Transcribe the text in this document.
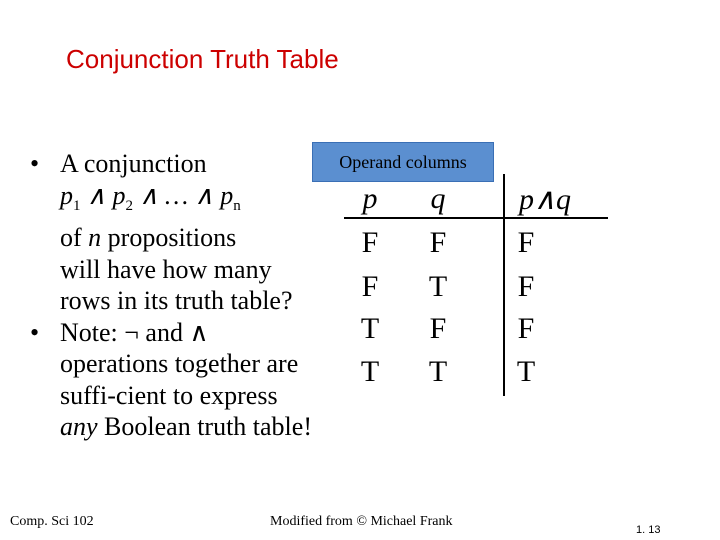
Conjunction Truth Table
Operand columns
• A conjunction
$p_1$ ∧ $p_2$ ∧ … ∧ $p_n$
of n propositions
will have how many
rows in its truth table?
• Note: ¬ and ∧
operations together are
suffi-cient to express
any Boolean truth table!
p	q	p∧q
F	F	F
F	T	F
T	F	F
T	T	T
Comp. Sci 102	Modified from © Michael Frank
1. 13
